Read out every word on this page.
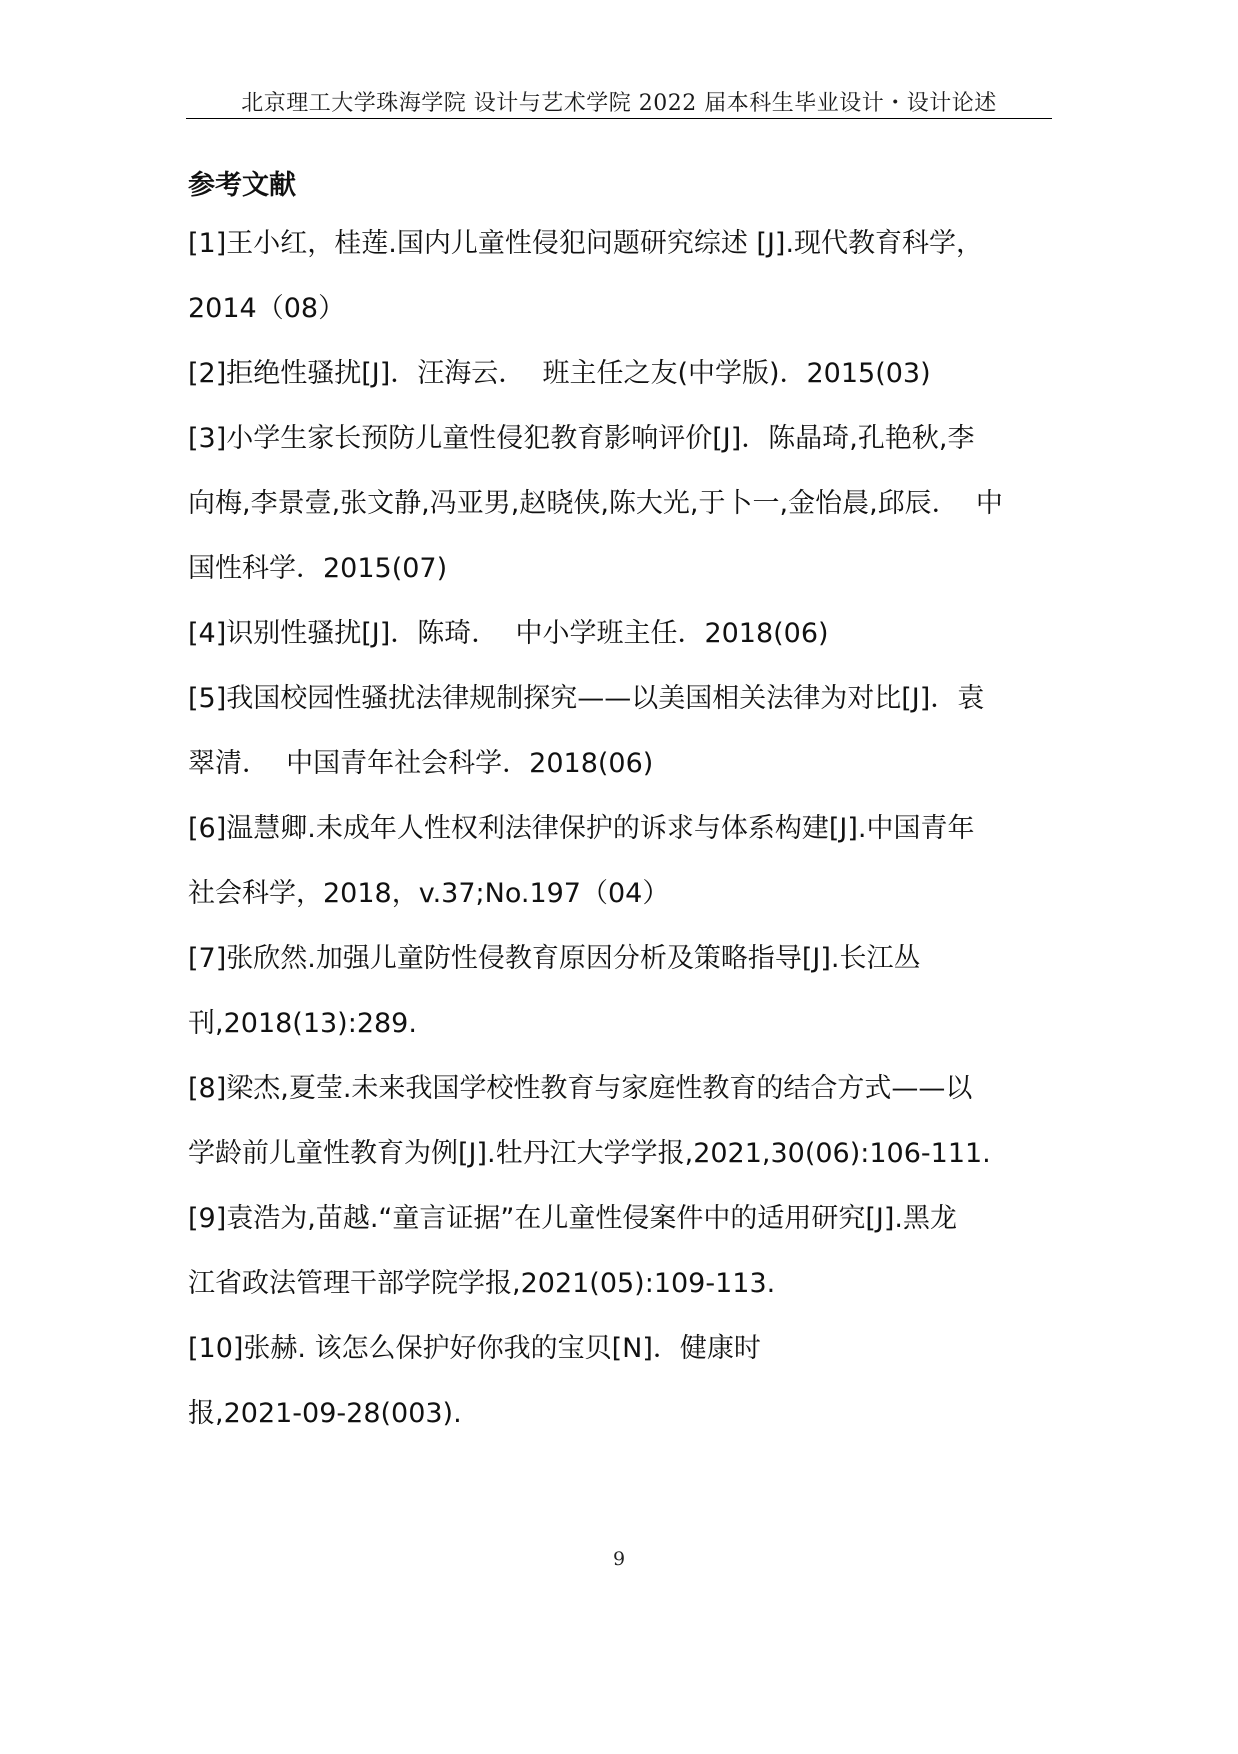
北京理工大学珠海学院 设计与艺术学院 2022 届本科生毕业设计・设计论述
参考文献
[1]王小红，桂莲.国内儿童性侵犯问题研究综述 [J].现代教育科学，
2014（08）
[2]拒绝性骚扰[J]．汪海云．  班主任之友(中学版)．2015(03)
[3]小学生家长预防儿童性侵犯教育影响评价[J]．陈晶琦,孔艳秋,李
向梅,李景壹,张文静,冯亚男,赵晓侠,陈大光,于卜一,金怡晨,邱辰．  中
国性科学．2015(07)
[4]识别性骚扰[J]．陈琦．  中小学班主任．2018(06)
[5]我国校园性骚扰法律规制探究——以美国相关法律为对比[J]．袁
翠清．  中国青年社会科学．2018(06)
[6]温慧卿.未成年人性权利法律保护的诉求与体系构建[J].中国青年
社会科学，2018，v.37;No.197（04）
[7]张欣然.加强儿童防性侵教育原因分析及策略指导[J].长江丛
刊,2018(13):289.
[8]梁杰,夏莹.未来我国学校性教育与家庭性教育的结合方式——以
学龄前儿童性教育为例[J].牡丹江大学学报,2021,30(06):106-111.
[9]袁浩为,苗越.“童言证据”在儿童性侵案件中的适用研究[J].黑龙
江省政法管理干部学院学报,2021(05):109-113.
[10]张赫. 该怎么保护好你我的宝贝[N]．健康时
报,2021-09-28(003).
9
